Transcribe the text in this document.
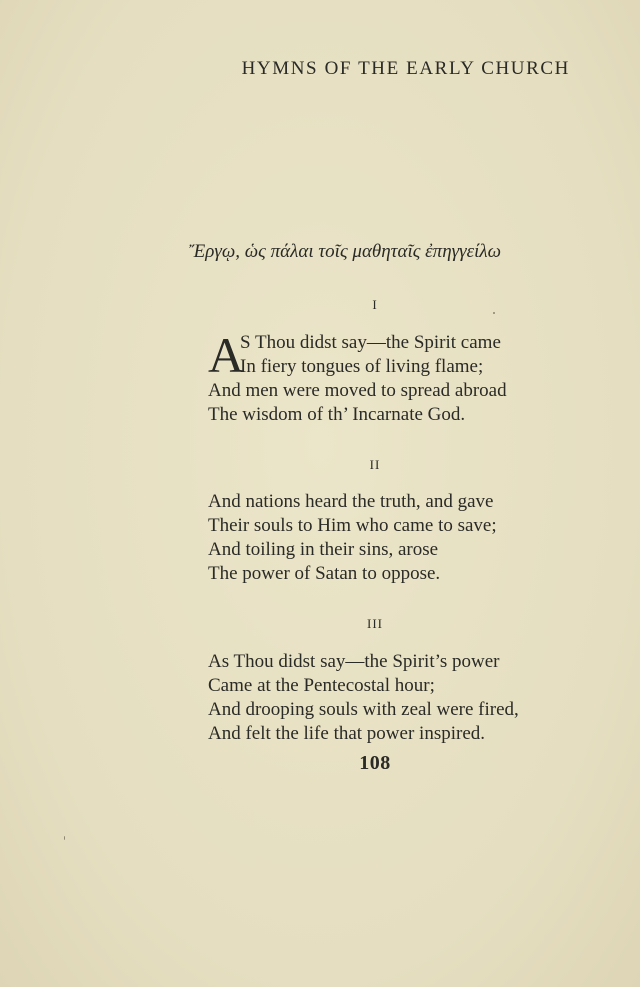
HYMNS OF THE EARLY CHURCH
Ἔργῳ, ὡς πάλαι τοῖς μαθηταῖς ἐπηγγείλω
I
A
S Thou didst say—the Spirit came
In fiery tongues of living flame;
And men were moved to spread abroad
The wisdom of th’ Incarnate God.
II
And nations heard the truth, and gave
Their souls to Him who came to save;
And toiling in their sins, arose
The power of Satan to oppose.
III
As Thou didst say—the Spirit’s power
Came at the Pentecostal hour;
And drooping souls with zeal were fired,
And felt the life that power inspired.
108
